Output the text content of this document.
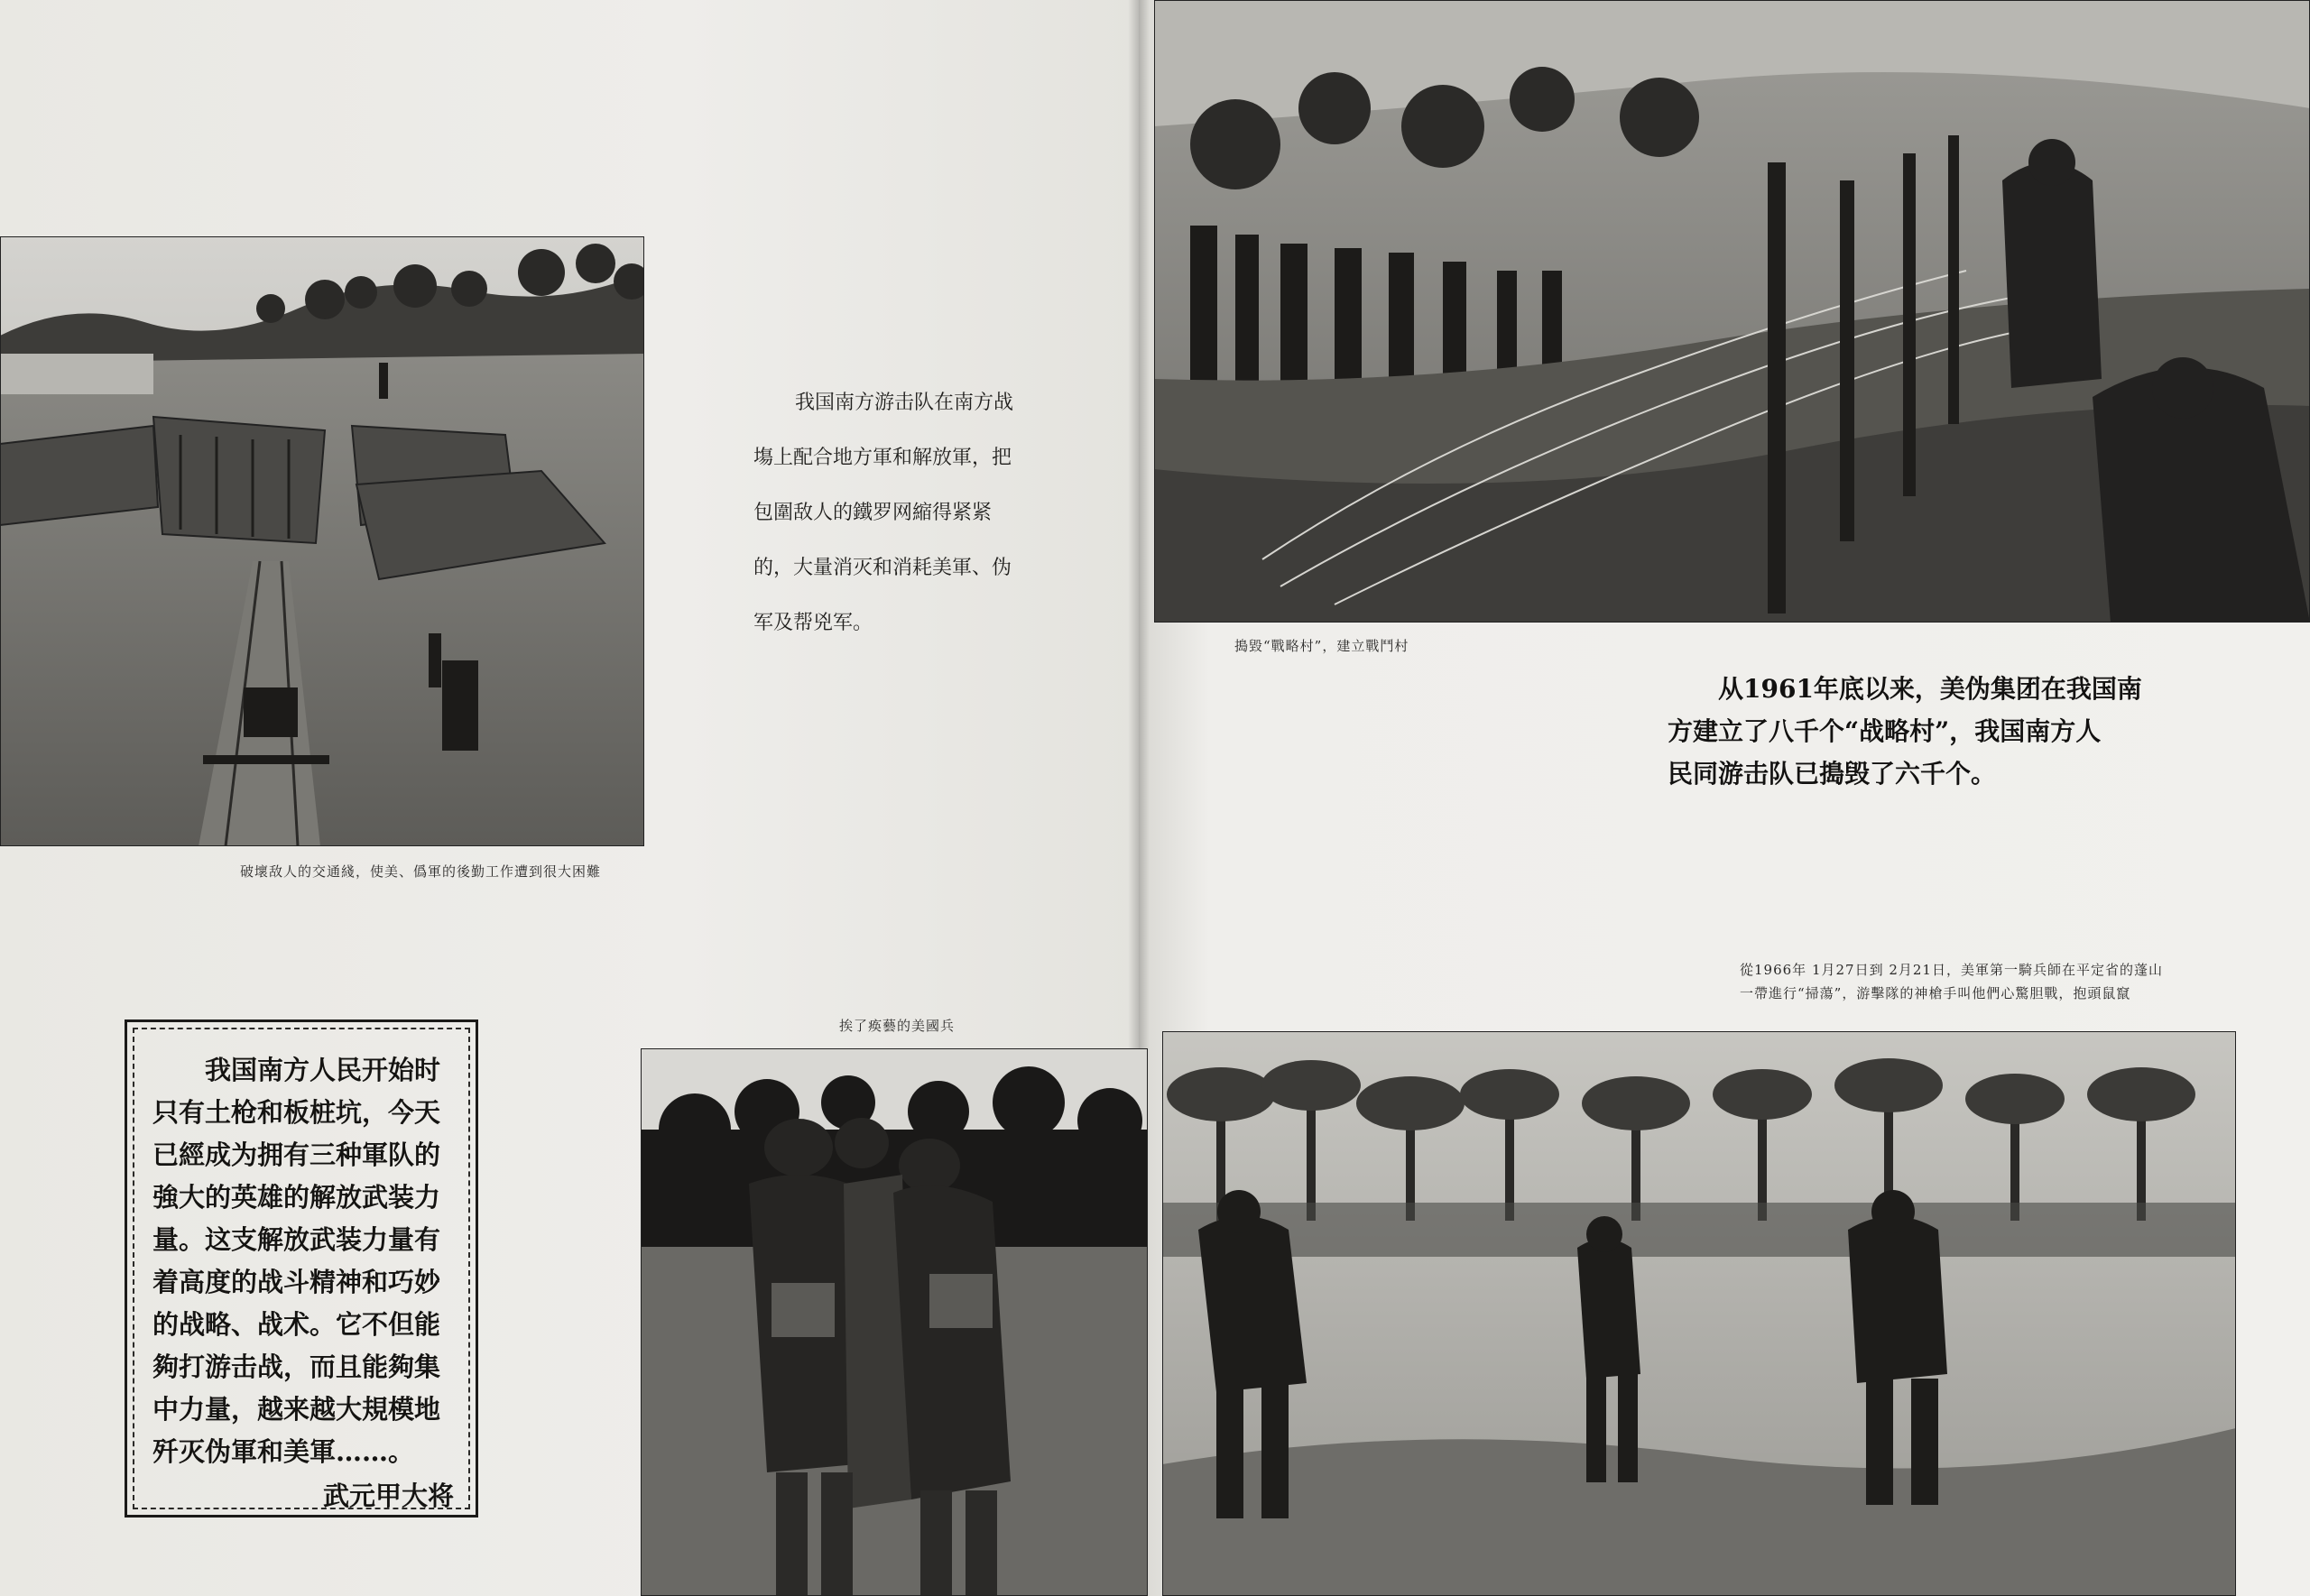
破壞敌人的交通綫，使美、僞軍的後勤工作遭到很大困難

我国南方游击队在南方战

塲上配合地方軍和解放軍，把

包圍敌人的鐵罗网縮得紧紧

的，大量消灭和消耗美軍、伪

军及帮兇军。

我国南方人民开始时
只有土枪和板桩坑，今天
已經成为拥有三种軍队的
強大的英雄的解放武装力
量。这支解放武装力量有
着高度的战斗精神和巧妙
的战略、战术。它不但能
夠打游击战，而且能夠集
中力量，越来越大規模地
歼灭伪軍和美軍……。
武元甲大将
挨了痪藝的美國兵
搗毀“戰略村”，建立戰鬥村
从1961年底以来，美伪集团在我国南
方建立了八千个“战略村”，我国南方人
民同游击队已搗毁了六千个。
從1966年 1月27日到 2月21日，美軍第一騎兵師在平定省的蓬山
一帶進行“掃蕩”，游擊隊的神槍手叫他們心驚胆戰，抱頭鼠竄
